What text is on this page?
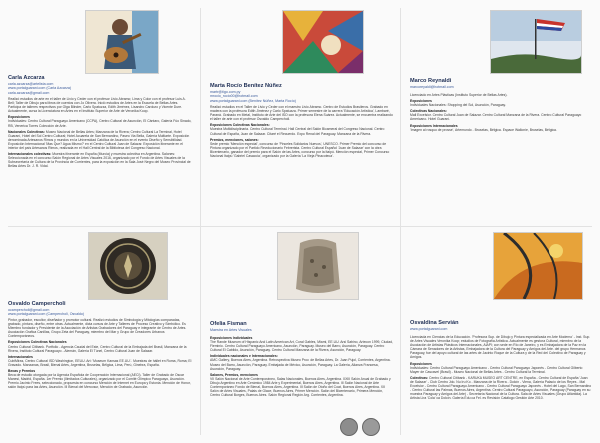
Carla Azcarza
carla.azcarza@artelista.com
www.portalguarani.com (Carla Azcarza)
carla.azcarza@gmail.com

Realizó estudios de arte en el taller de Livio y Ceder con el profesor Livio Abramo; Lima y Color con el profesor Luis A. Bell; Taller de Dibujo para libros de cuentos con Jo Olivera. Inició estudios de Artes en la Escuela de Bellas Artes. Participa de talleres respectivos por Olga Blinder, Carlo Spatuzza, Edith Jiménez, Lisandro Cardozo y Vicente Dure. Actualmente, cursa la Licenciatura en Artes en el Instituto Superior de Arte de Veronika Koop.

Exposiciones
Individuales: Centro Cultural Paraguayo Americano (CCPA), Centro Cultural de Asunción, El Cántaro, Galería Fúo Sinado, RB, Venerica Torres Colección de Arte.

Nacionales Colectivas: Museo Nacional de Bellas Artes; Manzana de la Rivera; Centro Cultural La Terminal, Hotel Guaraní, Hotel del Sol Centro Cultural; Hotel Acuarela de San Bernardino, Paseo Via Bella, Galería Multiarte. Exposición denominada Artesanos Rimos y mundos en la Universidad Católica de Asunción en el evento Diseño y Sensibilidad. Exposición Internacional 'Mas Que? Agua Mismo?' en el Centro Cultural Juan de Salazar. Exposición itinerante en el interior del país Artesanos Rimos, realizada en el Hall Central de la Biblioteca del Congreso Nacional.

Internacionales colectivas: Muestra itinerante en España (Murcia) y muestra colectiva en Argentina. Salones: Seleccionada en el concurso Salón Regional de Artes Visuales 2016, organizado por el Fondo de Artes Visuales de la Subsecretaría de Cultura de la Provincia de Corrientes, para la exposición en la Sala José Negro del Museo Provincial de Bellas Artes Dr. J. R. Vidal.

Marta Rocío Benítez Núñez
martr@tigo.com.py
mrocio_rocio00@hotmail.com
www.portalguarani.com (Benítez Núñez, Marta Rocío)

Realizó estudios en el Taller de Livio y Ceder con el maestro Livio Abramo. Centro de Estudios Brasileros. Grabado en madera con la profesora Edith Jiménez y Carlo Spatuzza. Primer semestre de la carrera 'Educación Artística', Lambaré, Paraná. Grabado en Metal, Instituto de Arte del ISO con la profesora Elena Suárez. Actualmente, se encuentra realizando el taller de arte con el profesor Osvaldo Campercholi.

Exposiciones Colectivas Nacionales:
Muestra Multidisciplinaria. Centro Cultural Terminal. Hall Central del Salón Bicameral del Congreso Nacional. Centro Cultural de España, Juan de Salazar. Citaré el Recuerdo. Expo Renal del Paraguay. Manzana de la Rivera.

Premios, menciones, salones:
Sede premio 'Mención especial', concurso de 'Pinceles Solidarios Nuevos', UNESCO. Primer Premio del concurso de Pintura organizado por el Partido Revolucionario Febrerista. Centro Cultural Español 'Juan de Salazar' con la obra Bicentenario, ganador del premio para el Salón de las Artes, concurso por la Itaipú. Mención especial, Primer Concurso Nacional Itaipú 'Gabriel Casaccia', organizado por la Galería 'La Vieja Pinacoteca'.

Marco Reynaldi
marcoreyaldi@hotmail.com

Licenciado en Artes Plásticas (Instituto Superior de Bellas Artes).

Exposiciones
Individuales Nacionales: Shopping del Sol, Asunción, Paraguay.

Colectivas Nacionales:
Mall Excelsior. Centro Cultural Juan de Salazar. Centro Cultural Manzana de la Rivera. Centro Cultural Paraguayo Americano. Hotel Guaraní.

Exposiciones Internacionales
'Imagen al rosquo de prosse', Artemundo - Bruselas, Bélgica. Espace Wallonie, Bruselas, Bélgica.

Osvaldo Campercholi
ocampercholi@gmail.com
www.portalguarani.com (Campercholi, Osvaldo)

Pintor, grabador, escultor, diseñador y promotor cultural. Realizó estudios de Simbología y Mitologías comparadas, grabado, pintura, diseño, entre otras. Actualmente, dicta cursos de Arte y Talleres de Proceso Creativo y Simbólico. Es Miembro fundador y Presidente de la Asociación de Artistas Grabadores del Paraguay e integrante de Centro de Artes. Asociación Grafica Canillas, Grupo Zeta del Paraguay, miembro del Mar y Grupo de Creadores Urbanos Contemporáneos.

Exposiciones Colectivas Nacionales
Centro Cultural Citibank. Portfolio - Agencia Caudal del Este, Centro Cultural de la Embajada del Brasil, Manzana de la Rivera, Instituto Cultural Paraguayo - Alemán, Galería El Túnel, Centro Cultural Juan de Salazar.

Internacionales
CubiMiras, Centro Cultural ISD Washington, EEUU. Art: 'Museum Kansas EE.UU.'. Muestras de hállet en Roma, Roma; El Gravado. Manzanas, Brasil, Bienal Artes, Argentina, Bruselas, Bélgica, Lima, Perú, Ginebra, España.

Becas y Premios
Beca de estudio otorgada por la Agencia Española de Cooperación Internacional (AECI). Taller de Grabado de Oscar Manesi, Madrid, España. 1er Premio (Ilimitados Culturales), organizado por el Comité Olímpico Paraguayo, Asunción. Premio Jacinto Frees, seleccionado, propuesta en concurso Mención de Internet en Europa y Estonia. Mención de Honor, salón Itaipú para las Artes, Asunción. III Bienal del Mercosur, Mención de Grabado, Asunción.

Ofelia Fisman
Maestra en Artes Visuales

Exposiciones Individuales
The Rande Museum of Hispanic And Latin American Art, Coral Gables, Miami, EE.UU. Arsi Sabino, Artecon 1999, Ciudad, Fleminio. Centro Cultural Paraguayo Americano, Asunción, Paraguay. Museo del Barro, Asunción, Paraguay. Centro Cultural El Cabildo, Asunción, Paraguay. Centro Cultural Manzana de la Rivera, Asunción, Paraguay.

Individuales nacionales e Internacionales:
AMC Gallery, Buenos Aires, Argentina. Retrospectiva Museo Prov. de Bellas Artes, Dr. Juan Pujol, Corrientes, Argentina. Museo del Barro, Asunción, Paraguay. Embajada de México, Asunción, Paraguay. La Galería, Alianza Francesa, Asunción, Paraguay.

Salones, Premios, menciones
VII Salón Nacional de Arte Contemporáneo, Salas Nacionales, Buenos Aires, Argentina. XXIII Salón Anual de Grabado y Dibujo Argentino en Arte Cerámico 1984 Arte y Experimental, Buenos Aires, Argentina. III Salón Nacional de Arte Contemporáneo Fondo de Bienal, Buenos Aires, Argentina. III Salón de Otoño del Coat, Buenos Aires, Argentina. XII Salón de Artes Visuales, Palais de Glace, Buenos Aires, Primer Mención. Salón del Bicentenario, Primera Mención, Centro Cultural Borges, Buenos Aires. Salón Regional Región Arg. Corrientes, Argentina.

Osvaldina Servián
www.portalguarani.com

Licenciada en Ciencias de la Educación. 'Profesora Sup. de Dibujo y Pintura especializada en Arte Moderno' - Inst. Sup. de Artes Visuales Veronika Koop; estudios de Fotografía Artística. Actualmente es gestora Cultural, miembro de la Asociación de Artistas Plásticos Internacionales, AIAPI; con sede en Río de Janeiro, y es Embajadora de la Paz en la Cámara de Senadores de la Artistas, Embajadora de la Cultura del Paraguay y Amigos del Arte. del grupo Hermanos Paraguay, fue del apoyo cultural de las artes de Jacinto Roque de la Cultura y de la Red del Colectivo de Paraguay y Amigos.

Exposiciones
Individuales: Centro Cultural Paraguayo Americano - Centro Cultural Paraguayo Japonés - Centro Cultural Gilberto Mayer de Cascavel (Brasil) - Museo Nacional de Bellas Artes - Centro Cultural la Terminal.

Colectivas: Centro Cultural Citibank - KARUKA MUSEO ART CENTRE, en España - Centro Cultural de España 'Juan de Salazar' - Club Centro Jdo. Nu Iru Ko - Manzana de la Rivera - Dolcín - Viena, Galería Palacio de los Reyes - Mal Excelsior - Centro Cultural Paraguayo Americano - Centro Cultural Paraguayo Japonés - Hotel del Lago, San Bernardino - Centro Cultural las Palmas, Buenos Aires, Argentina. Centro Cultural Paraguayo, Asunción, Paraguay (Paraguay en su muestra Paraguay y Amigos del Arte) - Secretaría Nacional de la Cultura. Sala de Artes Visuales (Grupo Atlántida). La Artista Lira 'Cola' ca Dolcín. Galería Edu ca Fel. es Revisión Catálogo Gestión Arte 2010.
